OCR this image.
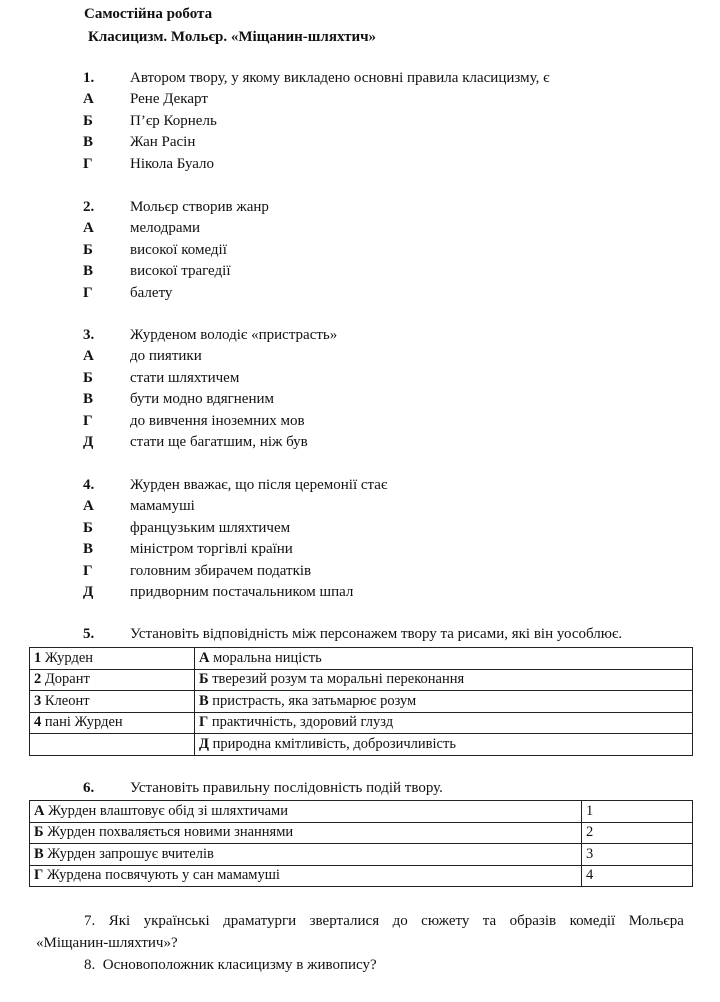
Самостійна робота
Класицизм. Мольєр. «Міщанин-шляхтич»
1. Автором твору, у якому викладено основні правила класицизму, є
А Рене Декарт
Б П’єр Корнель
В Жан Расін
Г Нікола Буало
2. Мольєр створив жанр
А мелодрами
Б високої комедії
В високої трагедії
Г балету
3. Журденом володіє «пристрасть»
А до пиятики
Б стати шляхтичем
В бути модно вдягненим
Г до вивчення іноземних мов
Д стати ще багатшим, ніж був
4. Журден вважає, що після церемонії стає
А мамамуші
Б французьким шляхтичем
В міністром торгівлі країни
Г головним збирачем податків
Д придворним постачальником шпал
5. Установіть відповідність між персонажем твору та рисами, які він уособлює.
1 Журден	А моральна ницість
2 Дорант	Б тверезий розум та моральні переконання
3 Клеонт	В пристрасть, яка затьмарює розум
4 пані Журден	Г практичність, здоровий глузд
	Д природна кмітливість, доброзичливість
6. Установіть правильну послідовність подій твору.
А Журден влаштовує обід зі шляхтичами	1
Б Журден похваляється новими знаннями	2
В Журден запрошує вчителів	3
Г Журдена посвячують у сан мамамуші	4
7. Які українські драматурги зверталися до сюжету та образів комедії Мольєра
«Міщанин-шляхтич»?
8. Основоположник класицизму в живопису?
